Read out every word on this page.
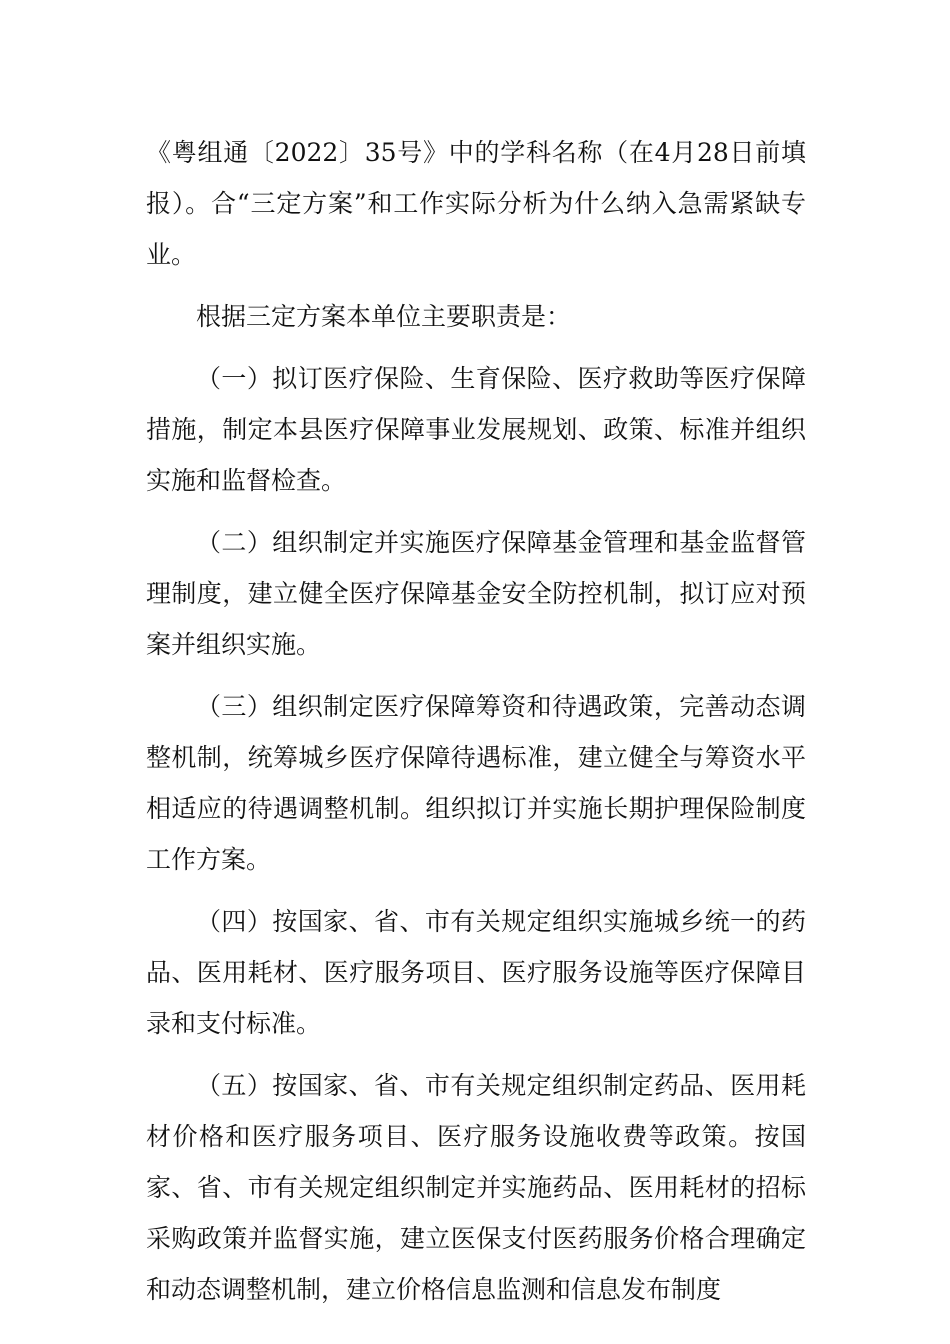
《粤组通〔2022〕35号》中的学科名称（在4月28日前填报）。合“三定方案”和工作实际分析为什么纳入急需紧缺专业。

根据三定方案本单位主要职责是：

（一）拟订医疗保险、生育保险、医疗救助等医疗保障措施，制定本县医疗保障事业发展规划、政策、标准并组织实施和监督检查。

（二）组织制定并实施医疗保障基金管理和基金监督管理制度，建立健全医疗保障基金安全防控机制，拟订应对预案并组织实施。

（三）组织制定医疗保障筹资和待遇政策，完善动态调整机制，统筹城乡医疗保障待遇标准，建立健全与筹资水平相适应的待遇调整机制。组织拟订并实施长期护理保险制度工作方案。

（四）按国家、省、市有关规定组织实施城乡统一的药品、医用耗材、医疗服务项目、医疗服务设施等医疗保障目录和支付标准。

（五）按国家、省、市有关规定组织制定药品、医用耗材价格和医疗服务项目、医疗服务设施收费等政策。按国家、省、市有关规定组织制定并实施药品、医用耗材的招标采购政策并监督实施，建立医保支付医药服务价格合理确定和动态调整机制，建立价格信息监测和信息发布制度
